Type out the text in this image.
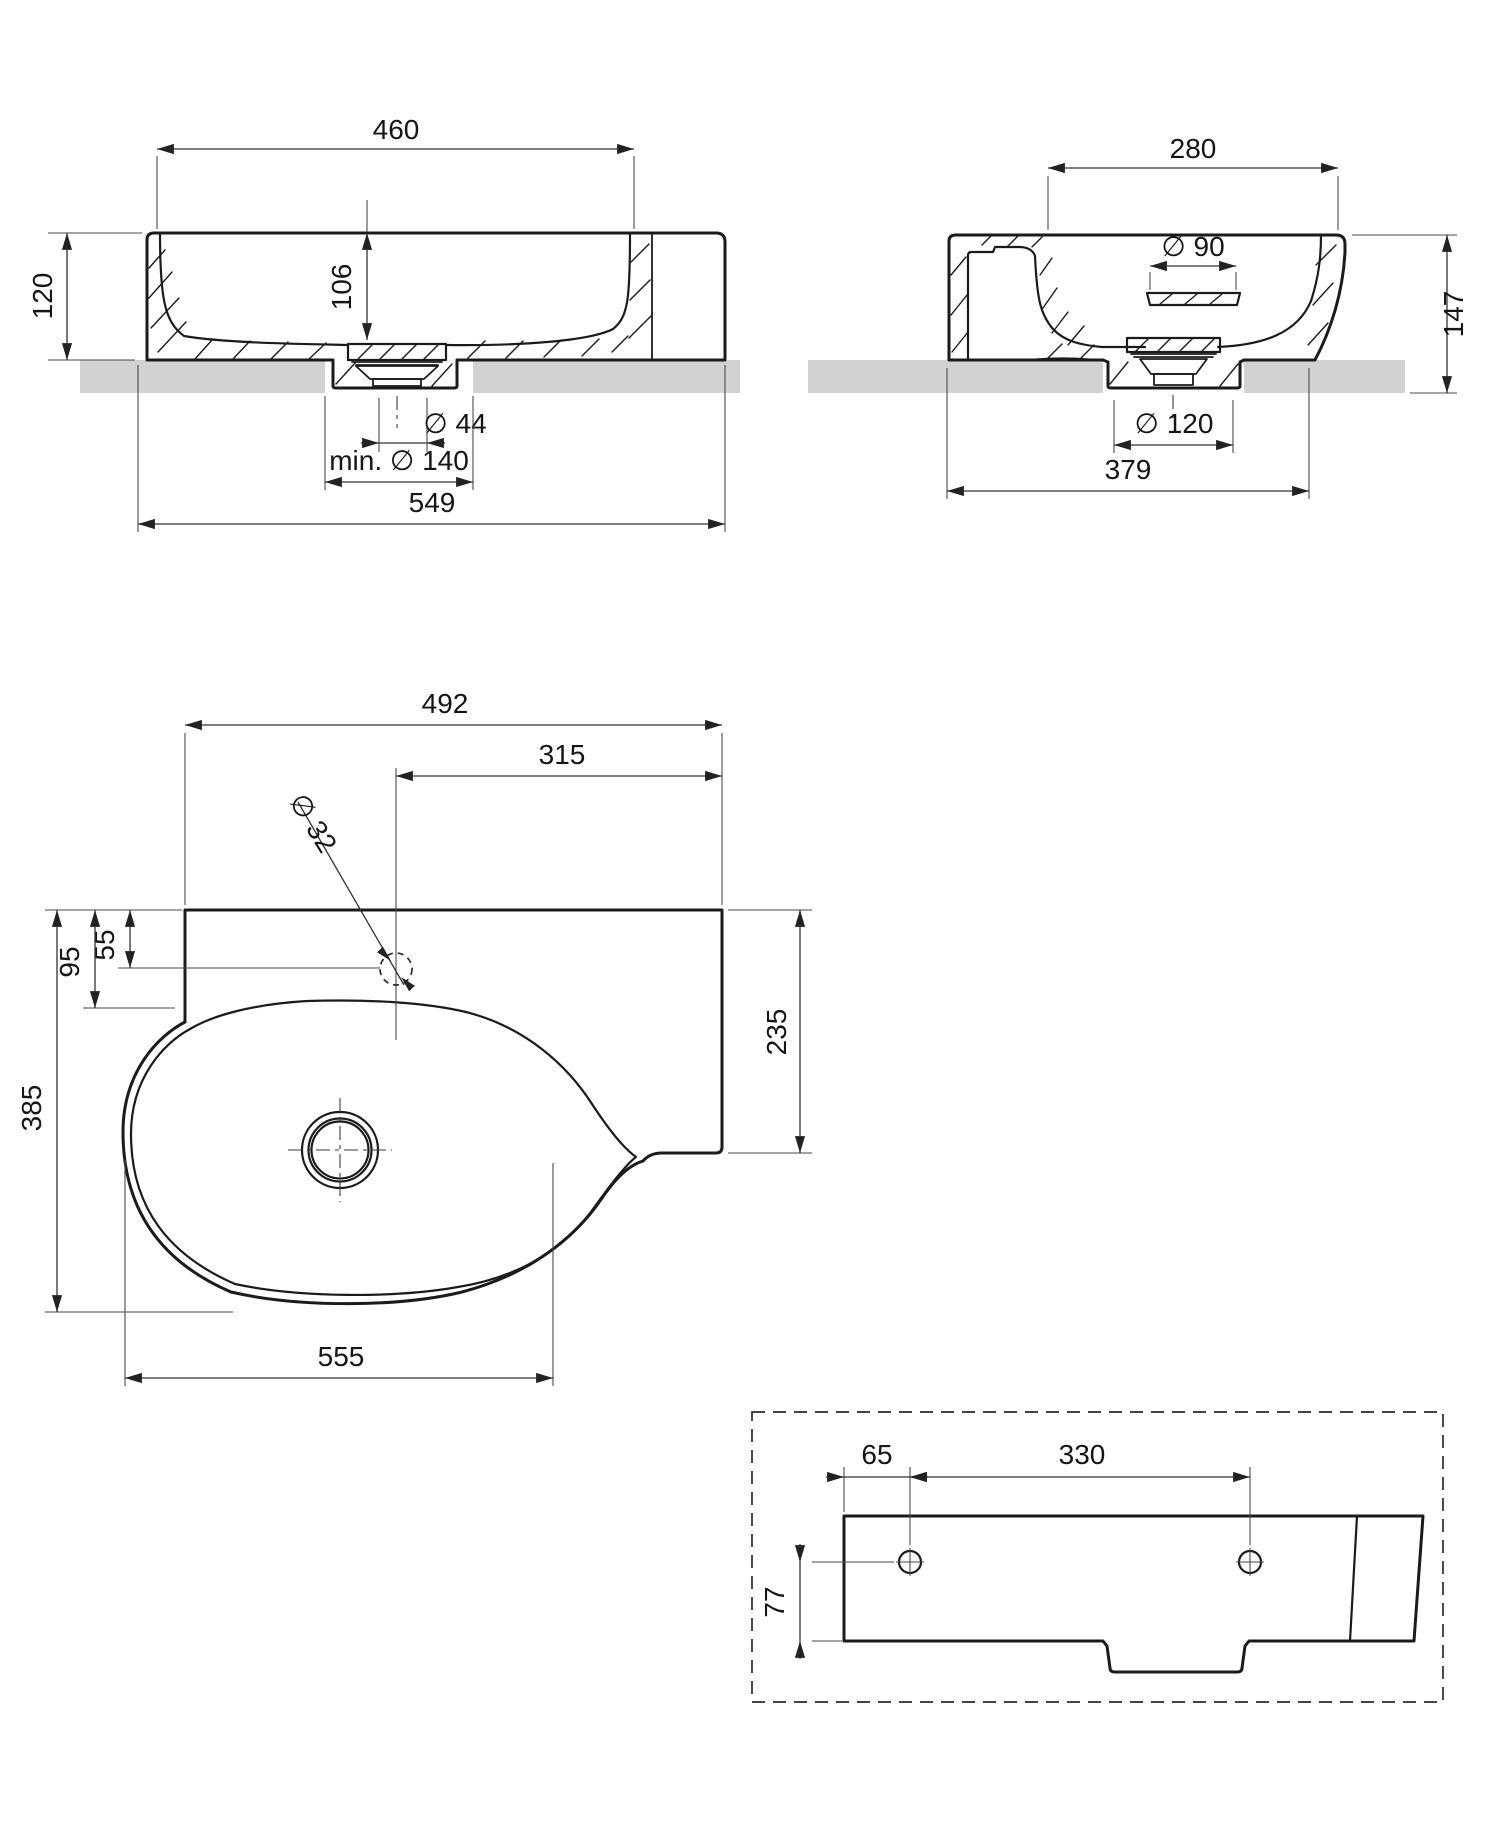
460
120	106
∅ 44
min. ∅ 140
549
280
∅ 90
147
∅ 120
379
∅ 32
492
315
55
95
385
235
555
65	330
77
